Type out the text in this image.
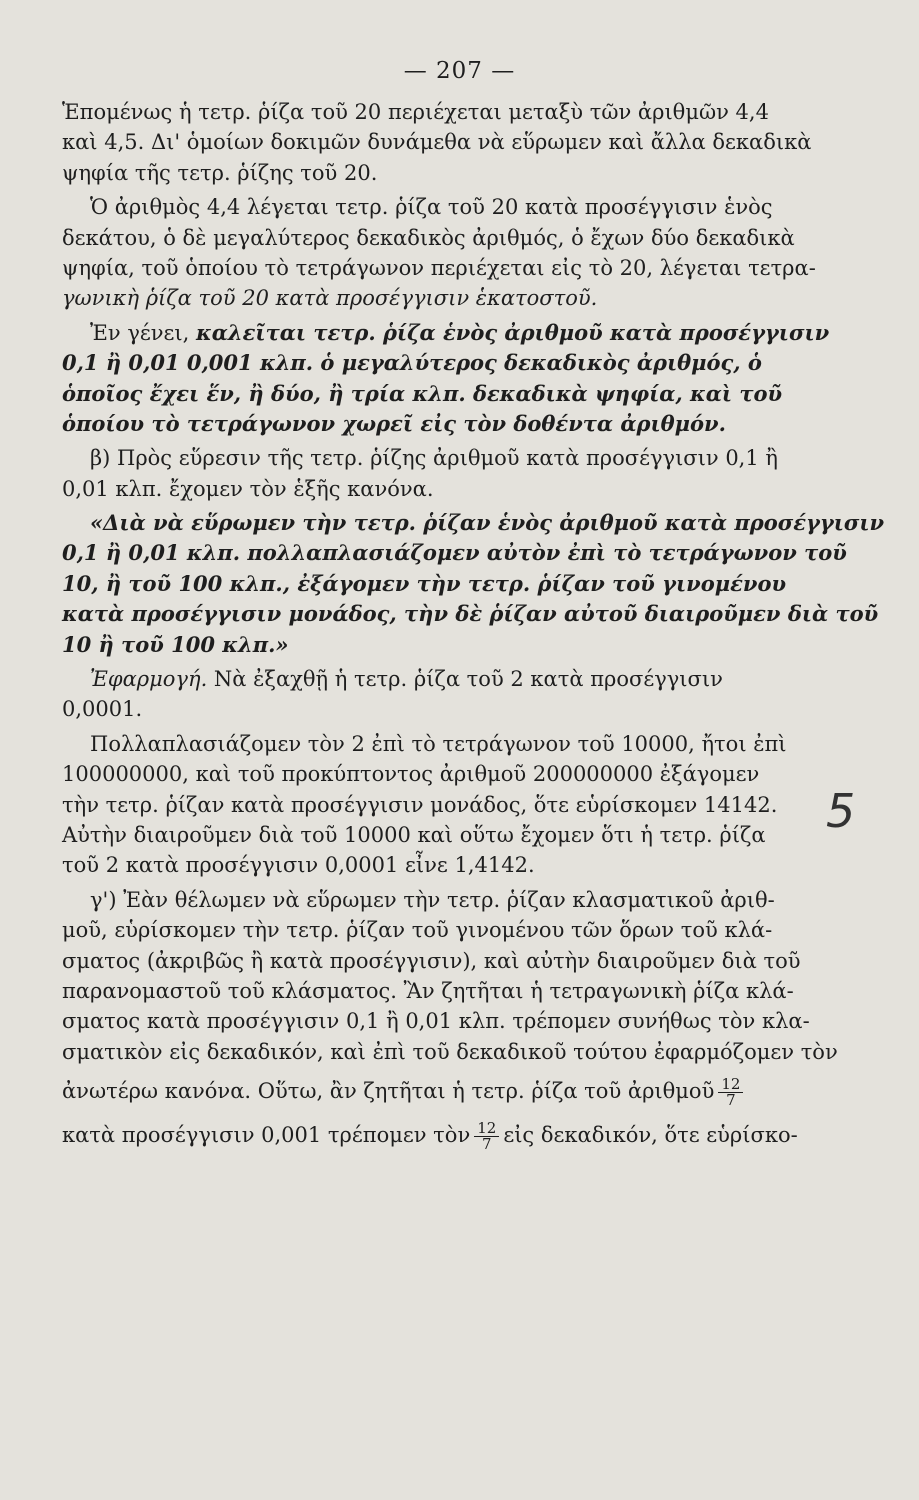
— 207 —
5
Ἑπομένως ἡ τετρ. ῥίζα τοῦ 20 περιέχεται μεταξὺ τῶν ἀριθμῶν 4,4
καὶ 4,5. Δι' ὁμοίων δοκιμῶν δυνάμεθα νὰ εὕρωμεν καὶ ἄλλα δεκαδικὰ
ψηφία τῆς τετρ. ῥίζης τοῦ 20.
Ὁ ἀριθμὸς 4,4 λέγεται τετρ. ῥίζα τοῦ 20 κατὰ προσέγγισιν ἑνὸς
δεκάτου, ὁ δὲ μεγαλύτερος δεκαδικὸς ἀριθμός, ὁ ἔχων δύο δεκαδικὰ
ψηφία, τοῦ ὁποίου τὸ τετράγωνον περιέχεται εἰς τὸ 20, λέγεται τετρα-
γωνικὴ ῥίζα τοῦ 20 κατὰ προσέγγισιν ἑκατοστοῦ.
Ἐν γένει, καλεῖται τετρ. ῥίζα ἑνὸς ἀριθμοῦ κατὰ προσέγγισιν
0,1 ἢ 0,01 0,001 κλπ. ὁ μεγαλύτερος δεκαδικὸς ἀριθμός, ὁ
ὁποῖος ἔχει ἕν, ἢ δύο, ἢ τρία κλπ. δεκαδικὰ ψηφία, καὶ τοῦ
ὁποίου τὸ τετράγωνον χωρεῖ εἰς τὸν δοθέντα ἀριθμόν.
β) Πρὸς εὕρεσιν τῆς τετρ. ῥίζης ἀριθμοῦ κατὰ προσέγγισιν 0,1 ἢ
0,01 κλπ. ἔχομεν τὸν ἑξῆς κανόνα.
«Διὰ νὰ εὕρωμεν τὴν τετρ. ῥίζαν ἑνὸς ἀριθμοῦ κατὰ προσέγγισιν
0,1 ἢ 0,01 κλπ. πολλαπλασιάζομεν αὐτὸν ἐπὶ τὸ τετράγωνον τοῦ
10, ἢ τοῦ 100 κλπ., ἐξάγομεν τὴν τετρ. ῥίζαν τοῦ γινομένου
κατὰ προσέγγισιν μονάδος, τὴν δὲ ῥίζαν αὐτοῦ διαιροῦμεν διὰ τοῦ
10 ἢ τοῦ 100 κλπ.»
Ἐφαρμογή. Νὰ ἐξαχθῇ ἡ τετρ. ῥίζα τοῦ 2 κατὰ προσέγγισιν
0,0001.
Πολλαπλασιάζομεν τὸν 2 ἐπὶ τὸ τετράγωνον τοῦ 10000, ἤτοι ἐπὶ
100000000, καὶ τοῦ προκύπτοντος ἀριθμοῦ 200000000 ἐξάγομεν
τὴν τετρ. ῥίζαν κατὰ προσέγγισιν μονάδος, ὅτε εὑρίσκομεν 14142.
Αὐτὴν διαιροῦμεν διὰ τοῦ 10000 καὶ οὕτω ἔχομεν ὅτι ἡ τετρ. ῥίζα
τοῦ 2 κατὰ προσέγγισιν 0,0001 εἶνε 1,4142.
γ') Ἐὰν θέλωμεν νὰ εὕρωμεν τὴν τετρ. ῥίζαν κλασματικοῦ ἀριθ-
μοῦ, εὑρίσκομεν τὴν τετρ. ῥίζαν τοῦ γινομένου τῶν ὅρων τοῦ κλά-
σματος (ἀκριβῶς ἢ κατὰ προσέγγισιν), καὶ αὐτὴν διαιροῦμεν διὰ τοῦ
παρανομαστοῦ τοῦ κλάσματος. Ἂν ζητῆται ἡ τετραγωνικὴ ῥίζα κλά-
σματος κατὰ προσέγγισιν 0,1 ἢ 0,01 κλπ. τρέπομεν συνήθως τὸν κλα-
σματικὸν εἰς δεκαδικόν, καὶ ἐπὶ τοῦ δεκαδικοῦ τούτου ἐφαρμόζομεν τὸν
ἀνωτέρω κανόνα. Οὕτω, ἂν ζητῆται ἡ τετρ. ῥίζα τοῦ ἀριθμοῦ $\frac{12}{7}$
κατὰ προσέγγισιν 0,001 τρέπομεν τὸν $\frac{12}{7}$ εἰς δεκαδικόν, ὅτε εὑρίσκο-
